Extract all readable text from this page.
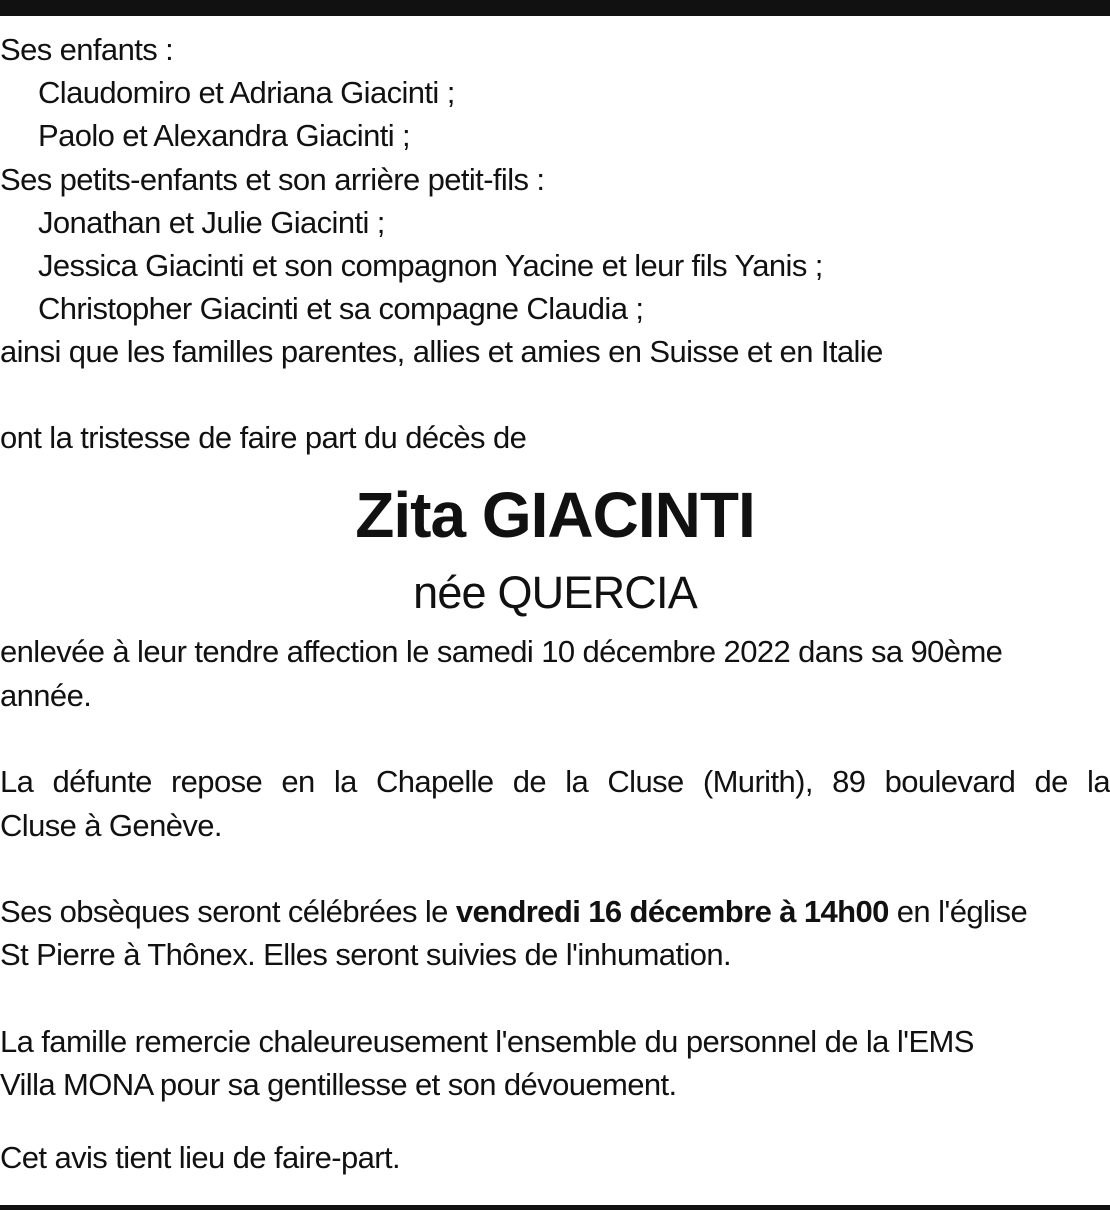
Ses enfants :
Claudomiro et Adriana Giacinti ;
Paolo et Alexandra Giacinti ;
Ses petits-enfants et son arrière petit-fils :
Jonathan et Julie Giacinti ;
Jessica Giacinti et son compagnon Yacine et leur fils Yanis ;
Christopher Giacinti et sa compagne Claudia ;
ainsi que les familles parentes, allies et amies en Suisse et en Italie
ont la tristesse de faire part du décès de
Zita GIACINTI
née QUERCIA
enlevée à leur tendre affection le samedi 10 décembre 2022 dans sa 90ème
année.
La défunte repose en la Chapelle de la Cluse (Murith), 89 boulevard de la
Cluse à Genève.
Ses obsèques seront célébrées le vendredi 16 décembre à 14h00 en l'église
St Pierre à Thônex. Elles seront suivies de l'inhumation.
La famille remercie chaleureusement l'ensemble du personnel de la l'EMS
Villa MONA pour sa gentillesse et son dévouement.
Cet avis tient lieu de faire-part.
